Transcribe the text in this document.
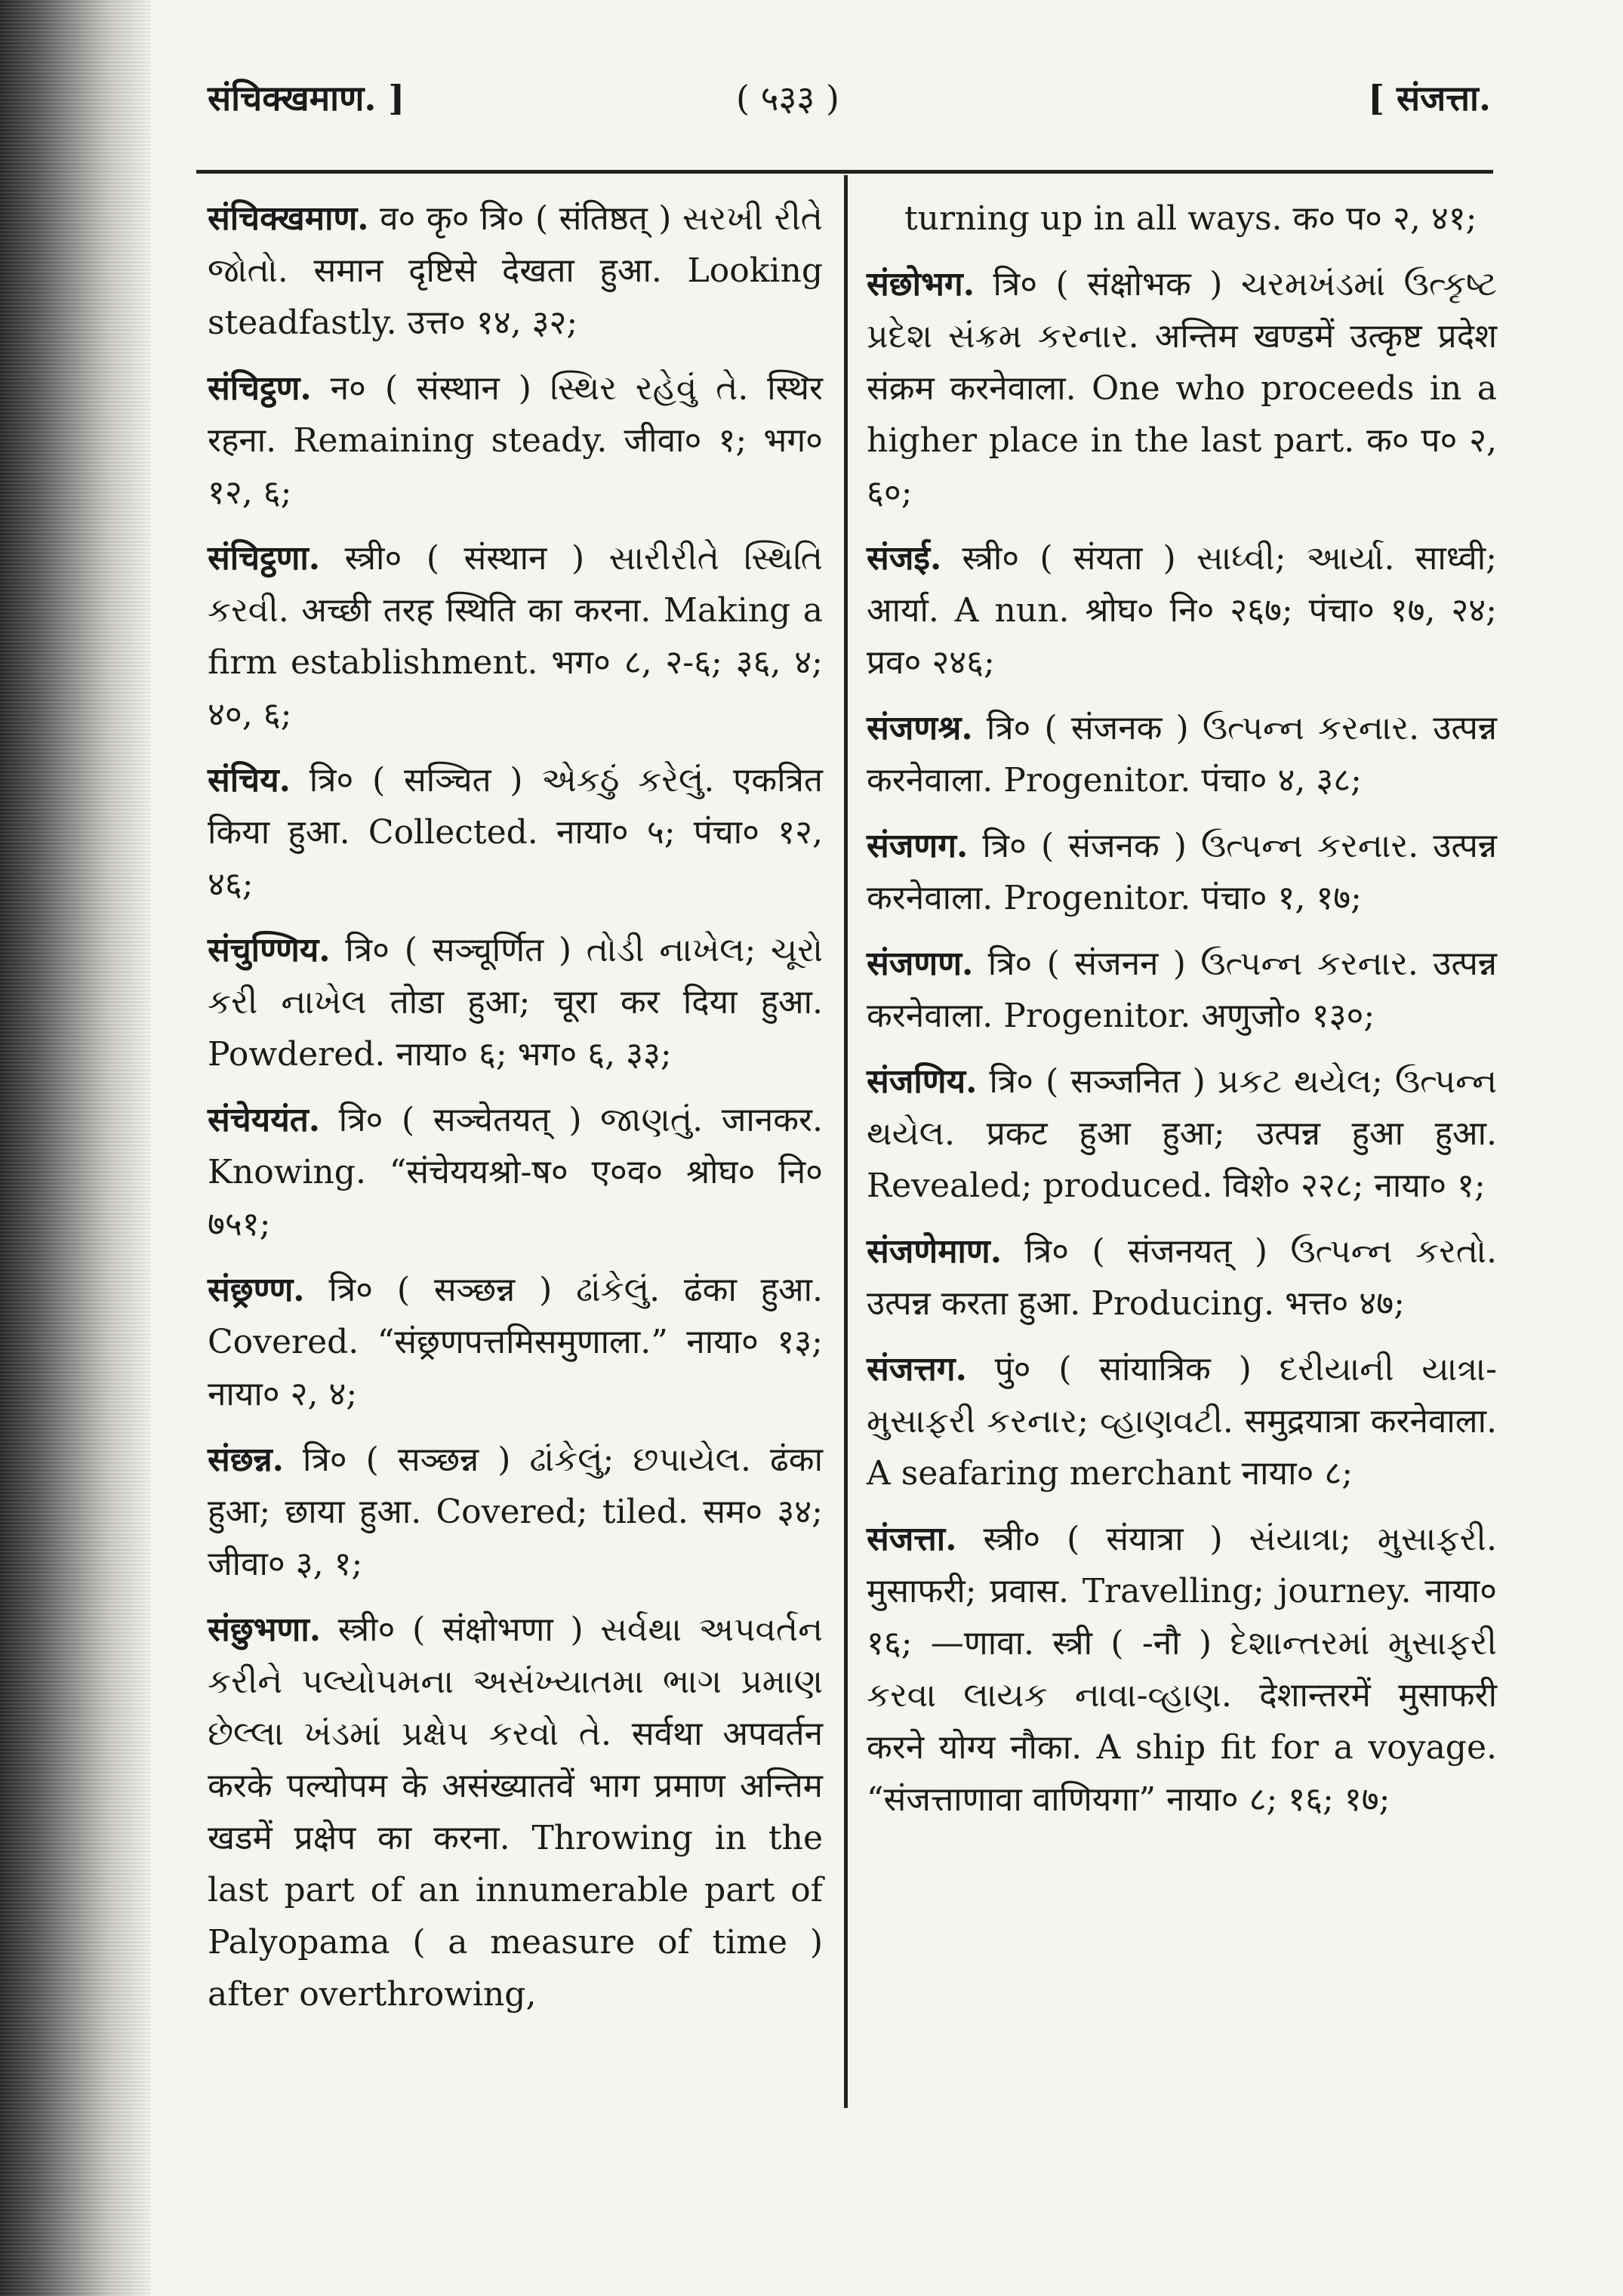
संचिक्खमाण. ]	( ५३३ )	[ संजत्ता.

संचिक्खमाण. व० कृ० त्रि० ( संतिष्ठत् ) સરખી રીતે જોતો. समान दृष्टिसे देखता हुआ. Looking steadfastly. उत्त० १४, ३२;

संचिट्ठण. न० ( संस्थान ) સ્થિર રહેવું તે. स्थिर रहना. Remaining steady. जीवा० १; भग० १२, ६;

संचिट्ठणा. स्त्री० ( संस्थान ) સારીરીતે સ્થિતિ કરવી. अच्छी तरह स्थिति का करना. Making a firm establishment. भग० ८, २-६; ३६, ४; ४०, ६;

संचिय. त्रि० ( सञ्चित ) એકઠું કરેલું. एकत्रित किया हुआ. Collected. नाया० ५; पंचा० १२, ४६;

संचुण्णिय. त्रि० ( सञ्चूर्णित ) તોડી નાખેલ; ચૂરો કરી નાખેલ तोडा हुआ; चूरा कर दिया हुआ. Powdered. नाया० ६; भग० ६, ३३;

संचेययंत. त्रि० ( सञ्चेतयत् ) જાણતું. जानकर. Knowing. “संचेययश्रो-ष० ए०व० श्रोघ० नि० ७५१;

संछ्रण्ण. त्रि० ( सञ्छन्न ) ઢાંકેલું. ढंका हुआ. Covered. “संछ्रणपत्तमिसमुणाला.” नाया० १३; नाया० २, ४;

संछन्न. त्रि० ( सञ्छन्न ) ઢાંકેલું; છપાયેલ. ढंका हुआ; छाया हुआ. Covered; tiled. सम० ३४; जीवा० ३, १;

संछुभणा. स्त्री० ( संक्षोभणा ) સર્વથા અપવર્તન કરીને પલ્યોપમના અસંખ્યાતમા ભાગ પ્રમાણ છેલ્લા ખંડમાં પ્રક્ષેપ કરવો તે. सर्वथा अपवर्तन करके पल्योपम के असंख्यातवें भाग प्रमाण अन्तिम खडमें प्रक्षेप का करना. Throwing in the last part of an innumerable part of Palyopama ( a measure of time ) after overthrowing,

turning up in all ways. क० प० २, ४१;

संछोभग. त्रि० ( संक्षोभक ) ચરમખંડમાં ઉત્કૃષ્ટ પ્રદેશ સંક્રમ કરનાર. अन्तिम खण्डमें उत्कृष्ट प्रदेश संक्रम करनेवाला. One who proceeds in a higher place in the last part. क० प० २, ६०;

संजई. स्त्री० ( संयता ) સાધ્વી; આર્યા. साध्वी; आर्या. A nun. श्रोघ० नि० २६७; पंचा० १७, २४; प्रव० २४६;

संजणश्र. त्रि० ( संजनक ) ઉત્પન્ન કરનાર. उत्पन्न करनेवाला. Progenitor. पंचा० ४, ३८;

संजणग. त्रि० ( संजनक ) ઉત્પન્ન કરનાર. उत्पन्न करनेवाला. Progenitor. पंचा० १, १७;

संजणण. त्रि० ( संजनन ) ઉત્પન્ન કરનાર. उत्पन्न करनेवाला. Progenitor. अणुजो० १३०;

संजणिय. त्रि० ( सञ्जनित ) પ્રકટ થયેલ; ઉત્પન્ન થયેલ. प्रकट हुआ हुआ; उत्पन्न हुआ हुआ. Revealed; produced. विशे० २२८; नाया० १;

संजणेमाण. त्रि० ( संजनयत् ) ઉત્પન્ન કરતો. उत्पन्न करता हुआ. Producing. भत्त० ४७;

संजत्तग. पुं० ( सांयात्रिक ) દરીયાની યાત્રા-મુસાફરી કરનાર; વ્હાણવટી. समुद्रयात्रा करनेवाला. A seafaring merchant नाया० ८;

संजत्ता. स्त्री० ( संयात्रा ) સંયાત્રા; મુસાફરી. मुसाफरी; प्रवास. Travelling; journey. नाया० १६; —णावा. स्त्री ( -नौ ) દેશાન્તરમાં મુસાફરી કરવા લાયક નાવા-વ્હાણ. देशान्तरमें मुसाफरी करने योग्य नौका. A ship fit for a voyage. “संजत्ताणावा वाणियगा” नाया० ८; १६; १७;
